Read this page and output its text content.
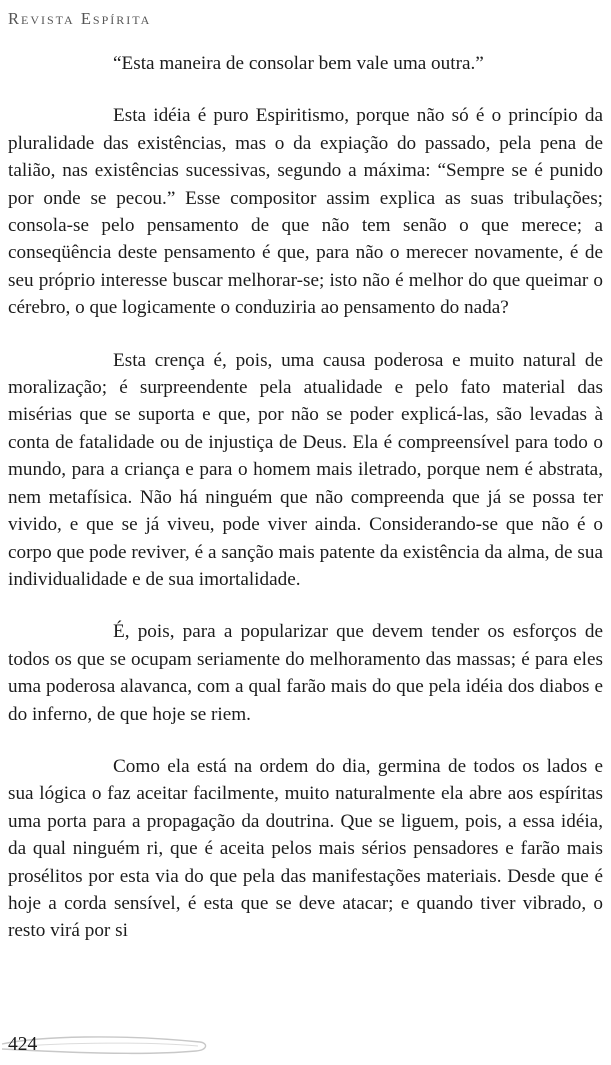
Revista Espírita

“Esta maneira de consolar bem vale uma outra.”

Esta idéia é puro Espiritismo, porque não só é o princípio da pluralidade das existências, mas o da expiação do passado, pela pena de talião, nas existências sucessivas, segundo a máxima: “Sempre se é punido por onde se pecou.” Esse compositor assim explica as suas tribulações; consola-se pelo pensamento de que não tem senão o que merece; a conseqüência deste pensamento é que, para não o merecer novamente, é de seu próprio interesse buscar melhorar-se; isto não é melhor do que queimar o cérebro, o que logicamente o conduziria ao pensamento do nada?

Esta crença é, pois, uma causa poderosa e muito natural de moralização; é surpreendente pela atualidade e pelo fato material das misérias que se suporta e que, por não se poder explicá-las, são levadas à conta de fatalidade ou de injustiça de Deus. Ela é compreensível para todo o mundo, para a criança e para o homem mais iletrado, porque nem é abstrata, nem metafísica. Não há ninguém que não compreenda que já se possa ter vivido, e que se já viveu, pode viver ainda. Considerando-se que não é o corpo que pode reviver, é a sanção mais patente da existência da alma, de sua individualidade e de sua imortalidade.

É, pois, para a popularizar que devem tender os esforços de todos os que se ocupam seriamente do melhoramento das massas; é para eles uma poderosa alavanca, com a qual farão mais do que pela idéia dos diabos e do inferno, de que hoje se riem.

Como ela está na ordem do dia, germina de todos os lados e sua lógica o faz aceitar facilmente, muito naturalmente ela abre aos espíritas uma porta para a propagação da doutrina. Que se liguem, pois, a essa idéia, da qual ninguém ri, que é aceita pelos mais sérios pensadores e farão mais prosélitos por esta via do que pela das manifestações materiais. Desde que é hoje a corda sensível, é esta que se deve atacar; e quando tiver vibrado, o resto virá por si

424
